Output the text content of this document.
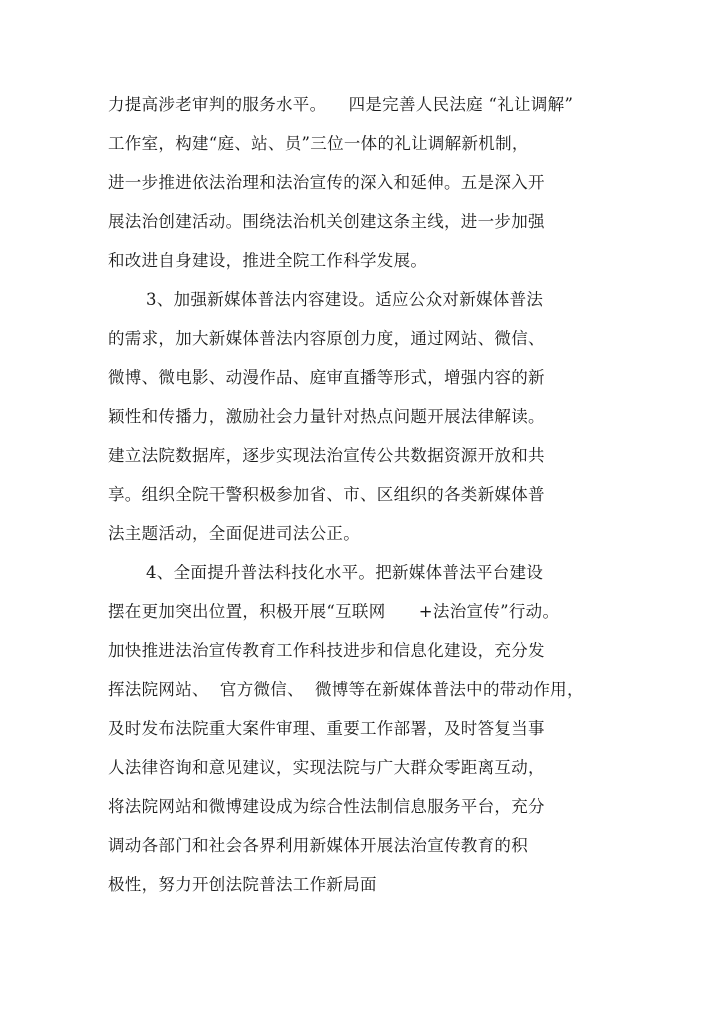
力提高涉老审判的服务水平。    四是完善人民法庭 “礼让调解”
工作室，构建“庭、站、员”三位一体的礼让调解新机制，
进一步推进依法治理和法治宣传的深入和延伸。五是深入开
展法治创建活动。围绕法治机关创建这条主线，进一步加强
和改进自身建设，推进全院工作科学发展。
3、加强新媒体普法内容建设。适应公众对新媒体普法
的需求，加大新媒体普法内容原创力度，通过网站、微信、
微博、微电影、动漫作品、庭审直播等形式，增强内容的新
颖性和传播力，激励社会力量针对热点问题开展法律解读。
建立法院数据库，逐步实现法治宣传公共数据资源开放和共
享。组织全院干警积极参加省、市、区组织的各类新媒体普
法主题活动，全面促进司法公正。
4、全面提升普法科技化水平。把新媒体普法平台建设
摆在更加突出位置，积极开展“互联网      +法治宣传”行动。
加快推进法治宣传教育工作科技进步和信息化建设，充分发
挥法院网站、  官方微信、  微博等在新媒体普法中的带动作用，
及时发布法院重大案件审理、重要工作部署，及时答复当事
人法律咨询和意见建议，实现法院与广大群众零距离互动，
将法院网站和微博建设成为综合性法制信息服务平台，充分
调动各部门和社会各界利用新媒体开展法治宣传教育的积
极性，努力开创法院普法工作新局面
